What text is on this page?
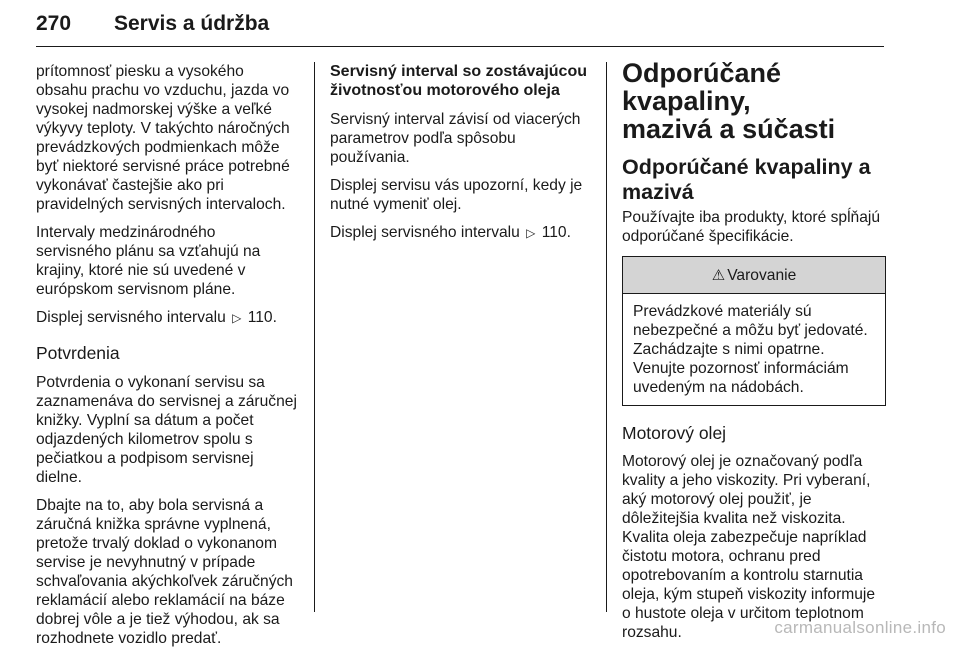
270 Servis a údržba

prítomnosť piesku a vysokého
obsahu prachu vo vzduchu, jazda vo
vysokej nadmorskej výške a veľké
výkyvy teploty. V takýchto náročných
prevádzkových podmienkach môže
byť niektoré servisné práce potrebné
vykonávať častejšie ako pri
pravidelných servisných intervaloch.

Intervaly medzinárodného
servisného plánu sa vzťahujú na
krajiny, ktoré nie sú uvedené v
európskom servisnom pláne.

Displej servisného intervalu ▷ 110.

Potvrdenia

Potvrdenia o vykonaní servisu sa
zaznamenáva do servisnej a záručnej
knižky. Vyplní sa dátum a počet
odjazdených kilometrov spolu s
pečiatkou a podpisom servisnej
dielne.

Dbajte na to, aby bola servisná a
záručná knižka správne vyplnená,
pretože trvalý doklad o vykonanom
servise je nevyhnutný v prípade
schvaľovania akýchkoľvek záručných
reklamácií alebo reklamácií na báze
dobrej vôle a je tiež výhodou, ak sa
rozhodnete vozidlo predať.

Servisný interval so zostávajúcou
životnosťou motorového oleja

Servisný interval závisí od viacerých
parametrov podľa spôsobu
používania.

Displej servisu vás upozorní, kedy je
nutné vymeniť olej.

Displej servisného intervalu ▷ 110.

Odporúčané kvapaliny,
mazivá a súčasti
Odporúčané kvapaliny a
mazivá

Používajte iba produkty, ktoré spĺňajú
odporúčané špecifikácie.

⚠ Varovanie

Prevádzkové materiály sú
nebezpečné a môžu byť jedovaté.
Zachádzajte s nimi opatrne.
Venujte pozornosť informáciám
uvedeným na nádobách.

Motorový olej

Motorový olej je označovaný podľa
kvality a jeho viskozity. Pri vyberaní,
aký motorový olej použiť, je
dôležitejšia kvalita než viskozita.
Kvalita oleja zabezpečuje napríklad
čistotu motora, ochranu pred
opotrebovaním a kontrolu starnutia
oleja, kým stupeň viskozity informuje
o hustote oleja v určitom teplotnom
rozsahu.	carmanualsonline.info
